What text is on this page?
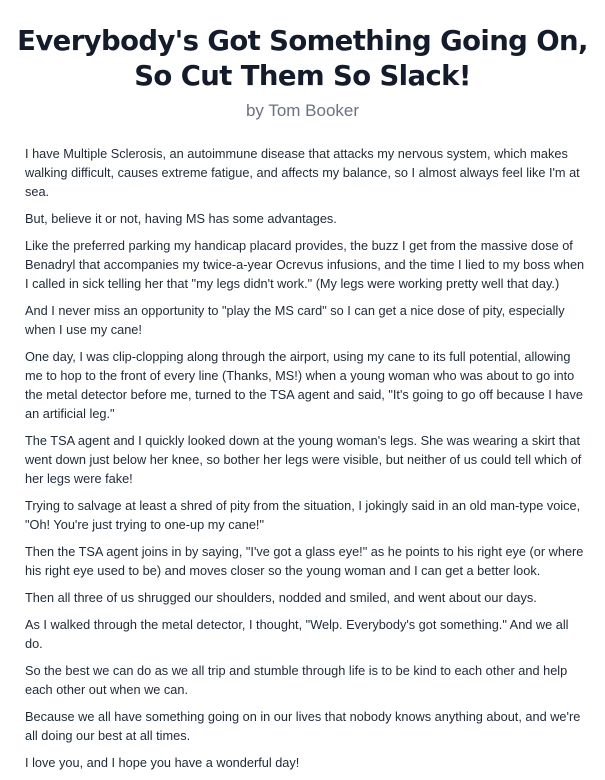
Everybody's Got Something Going On,
So Cut Them So Slack!

by Tom Booker

I have Multiple Sclerosis, an autoimmune disease that attacks my nervous system, which makes walking difficult, causes extreme fatigue, and affects my balance, so I almost always feel like I'm at sea.

But, believe it or not, having MS has some advantages.

Like the preferred parking my handicap placard provides, the buzz I get from the massive dose of Benadryl that accompanies my twice-a-year Ocrevus infusions, and the time I lied to my boss when I called in sick telling her that "my legs didn't work." (My legs were working pretty well that day.)

And I never miss an opportunity to "play the MS card" so I can get a nice dose of pity, especially when I use my cane!

One day, I was clip-clopping along through the airport, using my cane to its full potential, allowing me to hop to the front of every line (Thanks, MS!) when a young woman who was about to go into the metal detector before me, turned to the TSA agent and said, "It's going to go off because I have an artificial leg."

The TSA agent and I quickly looked down at the young woman's legs. She was wearing a skirt that went down just below her knee, so bother her legs were visible, but neither of us could tell which of her legs were fake!

Trying to salvage at least a shred of pity from the situation, I jokingly said in an old man-type voice, "Oh! You're just trying to one-up my cane!"

Then the TSA agent joins in by saying, "I've got a glass eye!" as he points to his right eye (or where his right eye used to be) and moves closer so the young woman and I can get a better look.

Then all three of us shrugged our shoulders, nodded and smiled, and went about our days.

As I walked through the metal detector, I thought, "Welp. Everybody's got something." And we all do.

So the best we can do as we all trip and stumble through life is to be kind to each other and help each other out when we can.

Because we all have something going on in our lives that nobody knows anything about, and we're all doing our best at all times.

I love you, and I hope you have a wonderful day!
